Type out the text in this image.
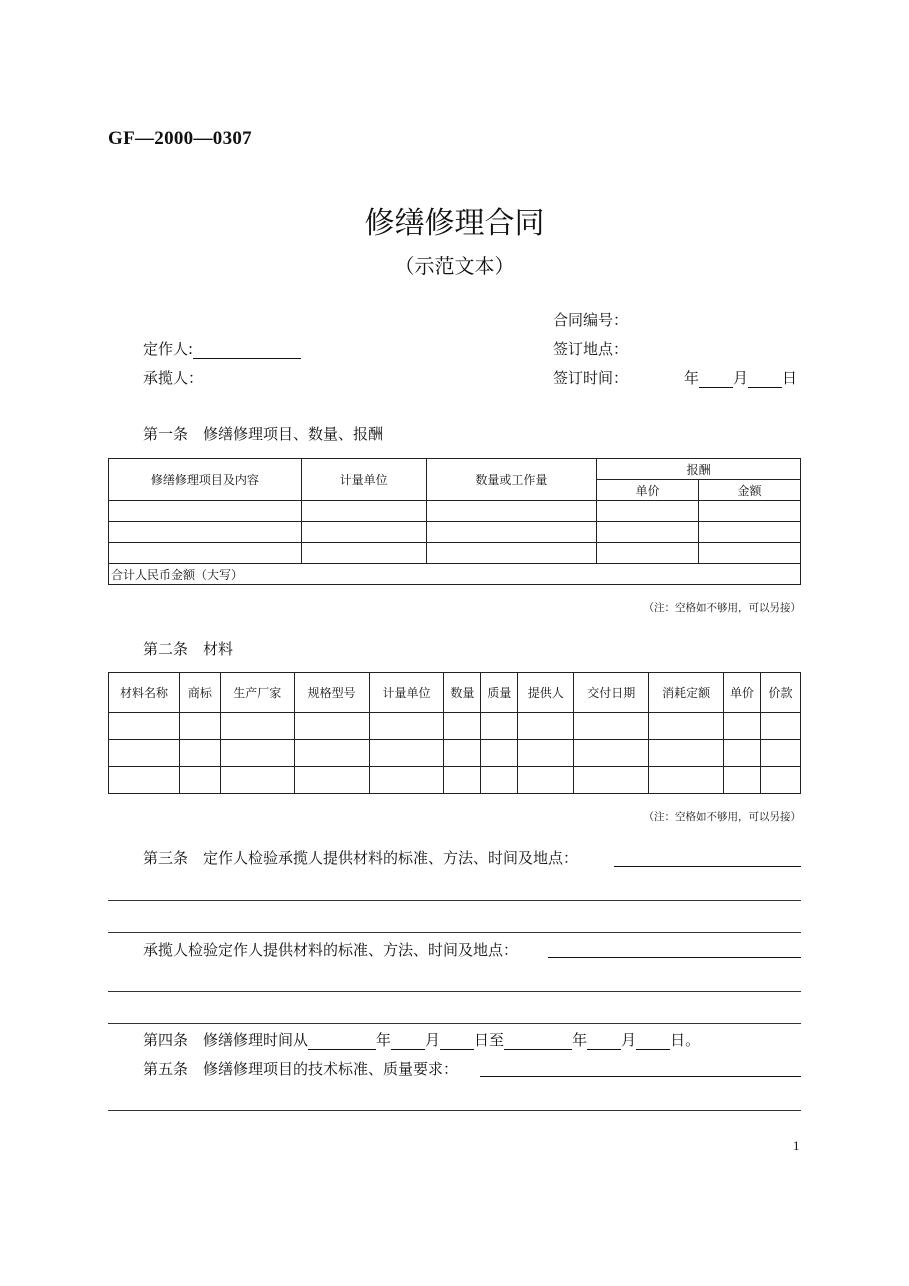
GF—2000—0307
修缮修理合同
（示范文本）
合同编号：
定作人:	签订地点：
承揽人：	签订时间：	年 月 日
第一条　修缮修理项目、数量、报酬
修缮修理项目及内容	计量单位	数量或工作量	报酬	
			单价	金额

合计人民币金额（大写）				
（注：空格如不够用，可以另接）
第二条　材料
材料名称	商标	生产厂家	规格型号	计量单位	数量	质量	提供人	交付日期	消耗定额	单价	价款

（注：空格如不够用，可以另接）
第三条　定作人检验承揽人提供材料的标准、方法、时间及地点：
承揽人检验定作人提供材料的标准、方法、时间及地点：
第四条　修缮修理时间从	年 月 日至	年 月 日。
第五条　修缮修理项目的技术标准、质量要求：
1
